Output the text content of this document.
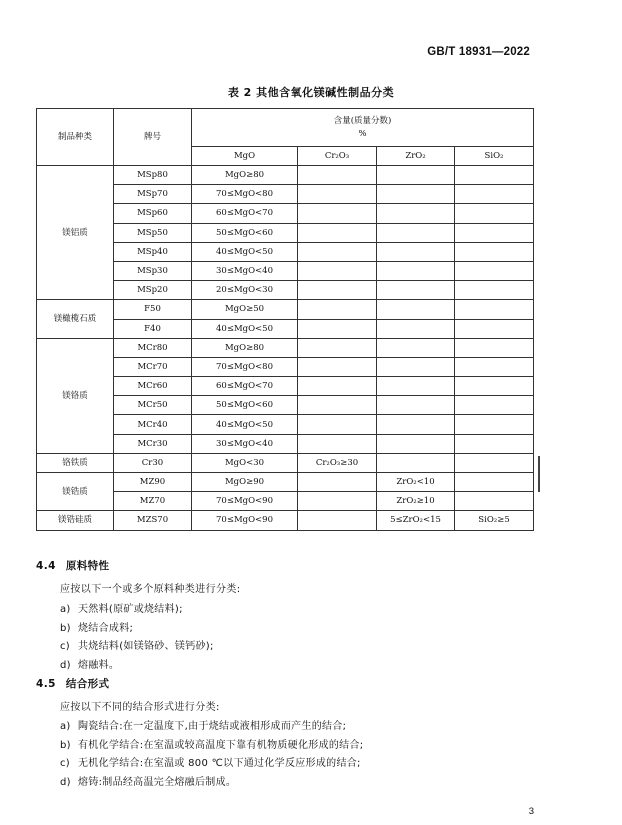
GB/T 18931—2022
表 2 其他含氧化镁碱性制品分类
制品种类	牌号	含量(质量分数)
%			

		MgO	Cr₂O₃	ZrO₂	SiO₂
镁铝质	MSp80	MgO≥80			
	MSp70	70≤MgO<80			
	MSp60	60≤MgO<70			
	MSp50	50≤MgO<60			
	MSp40	40≤MgO<50			
	MSp30	30≤MgO<40			
	MSp20	20≤MgO<30			
镁橄榄石质	F50	MgO≥50			
	F40	40≤MgO<50			
镁铬质	MCr80	MgO≥80			
	MCr70	70≤MgO<80			
	MCr60	60≤MgO<70			
	MCr50	50≤MgO<60			
	MCr40	40≤MgO<50			
	MCr30	30≤MgO<40			
铬铁质	Cr30	MgO<30	Cr₂O₃≥30		
镁锆质	MZ90	MgO≥90		ZrO₂<10	
	MZ70	70≤MgO<90		ZrO₂≥10	
镁锆硅质	MZS70	70≤MgO<90		5≤ZrO₂<15	SiO₂≥5
4.4 原料特性
应按以下一个或多个原料种类进行分类:
a) 天然料(原矿或烧结料);
b) 烧结合成料;
c) 共烧结料(如镁铬砂、镁钙砂);
d) 熔融料。
4.5 结合形式
应按以下不同的结合形式进行分类:
a) 陶瓷结合:在一定温度下,由于烧结或液相形成而产生的结合;
b) 有机化学结合:在室温或较高温度下靠有机物质硬化形成的结合;
c) 无机化学结合:在室温或 800 ℃以下通过化学反应形成的结合;
d) 熔铸:制品经高温完全熔融后制成。
3
